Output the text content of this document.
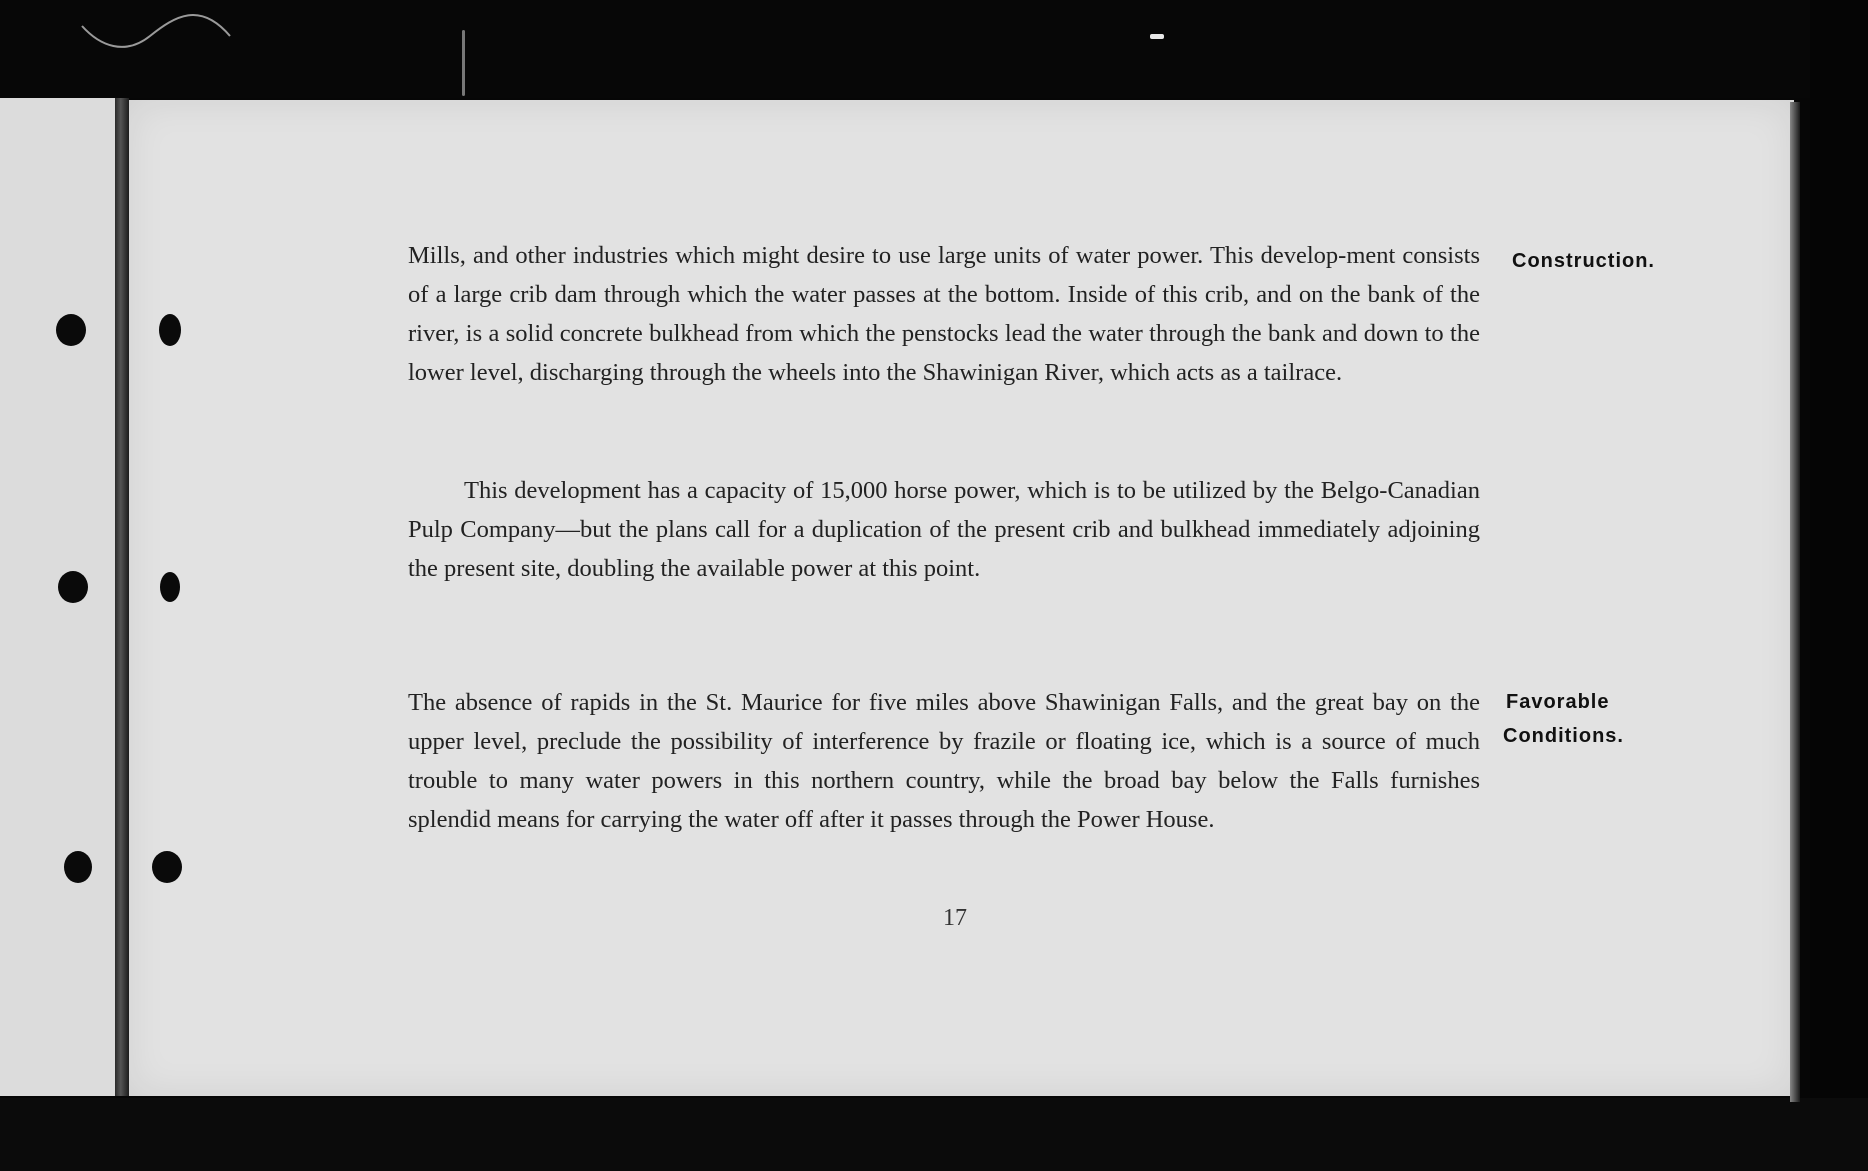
Mills, and other industries which might desire to use large units of water power. This develop-ment consists of a large crib dam through which the water passes at the bottom. Inside of this crib, and on the bank of the river, is a solid concrete bulkhead from which the penstocks lead the water through the bank and down to the lower level, discharging through the wheels into the Shawinigan River, which acts as a tailrace.

This development has a capacity of 15,000 horse power, which is to be utilized by the Belgo-Canadian Pulp Company—but the plans call for a duplication of the present crib and bulkhead immediately adjoining the present site, doubling the available power at this point.

The absence of rapids in the St. Maurice for five miles above Shawinigan Falls, and the great bay on the upper level, preclude the possibility of interference by frazile or floating ice, which is a source of much trouble to many water powers in this northern country, while the broad bay below the Falls furnishes splendid means for carrying the water off after it passes through the Power House.

Construction.

Favorable

Conditions.

17
